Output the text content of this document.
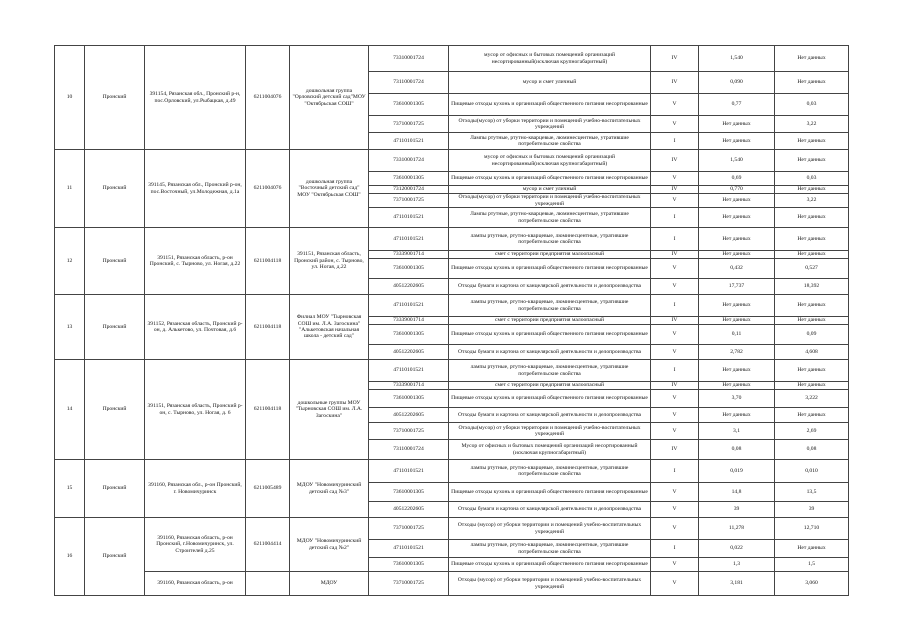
10	Пронский	391154, Рязанская обл., Пронский р-н, пос.Орловский, ул.Рыбацкая, д.49	6211004076	дошкольная группа "Орловский детский сад"МОУ "Октябрьская СОШ"	73310001724	мусор от офисных и бытовых помещений организаций несортированный(исключая крупногабаритный)	IV	1,540	Нет данных
					73110001724	мусор и смет уличный	IV	0,090	Нет данных
					73610001305	Пищевые отходы кухонь и организаций общественного питания несортированные	V	0,77	0,03
					73710001725	Отходы(мусор) от уборки территории и помещений учебно-воспитательных учреждений	V	Нет данных	3,22
					47110101521	Лампы ртутные, ртутно-кварцевые, люминесцентные, утратившие потребительские свойства	I	Нет данных	Нет данных
11	Пронский	391145, Рязанская обл., Пронский р-он, пос.Восточный, ул.Молодежная, д.1а	6211004076	дошкольная группа "Восточный детский сад" МОУ "Октябрьская СОШ"	73310001724	мусор от офисных и бытовых помещений организаций несортированный(исключая крупногабаритный)	IV	1,540	Нет данных
					73610001305	Пищевые отходы кухонь и организаций общественного питания несортированные	V	0,69	0,03
					73120001724	мусор и смет уличный	IV	0,770	Нет данных
					73710001725	Отходы(мусор) от уборки территории и помещений учебно-воспитательных учреждений	V	Нет данных	3,22
					47110101521	Лампы ртутные, ртутно-кварцевые, люминесцентные, утратившие потребительские свойства	I	Нет данных	Нет данных
12	Пронский	391151, Рязанская область, р-он Пронский, с. Тырново, ул. Ногая, д.22	6211004118	391151, Рязанская область, Пронский район, с. Тырново, ул. Ногая, д.22	47110101521	лампы ртутные, ртутно-кварцевые, люминесцентные, утратившие потребительские свойства	I	Нет данных	Нет данных
					73339001714	смет с территории предприятия малоопасный	IV	Нет данных	Нет данных
					73610001305	Пищевые отходы кухонь и организаций общественного питания несортированные	V	0,432	0,527
					40512202605	Отходы бумаги и картона от канцелярской деятельности и делопроизводства	V	17,737	18,392
13	Пронский	391152, Рязанская область, Пронский р-он, д. Алькетово, ул. Почтовая, д.6	6211004118	Филиал МОУ "Тырновская СОШ им. Л.А. Загоскина" "Алькетовская начальная школа - детский сад"	47110101521	лампы ртутные, ртутно-кварцевые, люминесцентные, утратившие потребительские свойства	I	Нет данных	Нет данных
					73339001714	смет с территории предприятия малоопасный	IV	Нет данных	Нет данных
					73610001305	Пищевые отходы кухонь и организаций общественного питания несортированные	V	0,11	0,09
					40512202605	Отходы бумаги и картона от канцелярской деятельности и делопроизводства	V	2,782	4,608
14	Пронский	391151, Рязанская область, Пронский р-он, с. Тырново, ул. Ногая, д. 6	6211004118	дошкольные группы МОУ "Тырновская СОШ им. Л.А. Загоскина"	47110101521	лампы ртутные, ртутно-кварцевые, люминесцентные, утратившие потребительские свойства	I	Нет данных	Нет данных
					73339001714	смет с территории предприятия малоопасный	IV	Нет данных	Нет данных
					73610001305	Пищевые отходы кухонь и организаций общественного питания несортированные	V	3,70	3,222
					40512202605	Отходы бумаги и картона от канцелярской деятельности и делопроизводства	V	Нет данных	Нет данных
					73710001725	Отходы(мусор) от уборки территории и помещений учебно-воспитательных учреждений	V	3,1	2,69
					73110001724	Мусор от офисных и бытовых помещений организаций несортированный (исключая крупногабаритный)	IV	0,08	0,08
15	Пронский	391160, Рязанская обл., р-он Пронский, г. Новомичуринск	6211005489	МДОУ "Новомичуринский детский сад №3"	47110101521	лампы ртутные, ртутно-кварцевые, люминесцентные, утратившие потребительские свойства	I	0,019	0,010
					73610001305	Пищевые отходы кухонь и организаций общественного питания несортированные	V	14,8	13,5
					40512202605	Отходы бумаги и картона от канцелярской деятельности и делопроизводства	V	39	39
16	Пронский	391160, Рязанская область, р-он Пронский, г.Новомичуринск, ул. Строителей д.25	6211004414	МДОУ "Новомичуринский детский сад №2"	73710001725	Отходы (мусор) от уборки территории и помещений учебно-воспитательных учреждений	V	11,278	12,710
					47110101521	лампы ртутные, ртутно-кварцевые, люминесцентные, утратившие потребительские свойства	I	0,022	Нет данных
					73610001305	Пищевые отходы кухонь и организаций общественного питания несортированные	V	1,3	1,5
		391160, Рязанская область, р-он		МДОУ	73710001725	Отходы (мусор) от уборки территории и помещений учебно-воспитательных учреждений	V	3,181	3,060
